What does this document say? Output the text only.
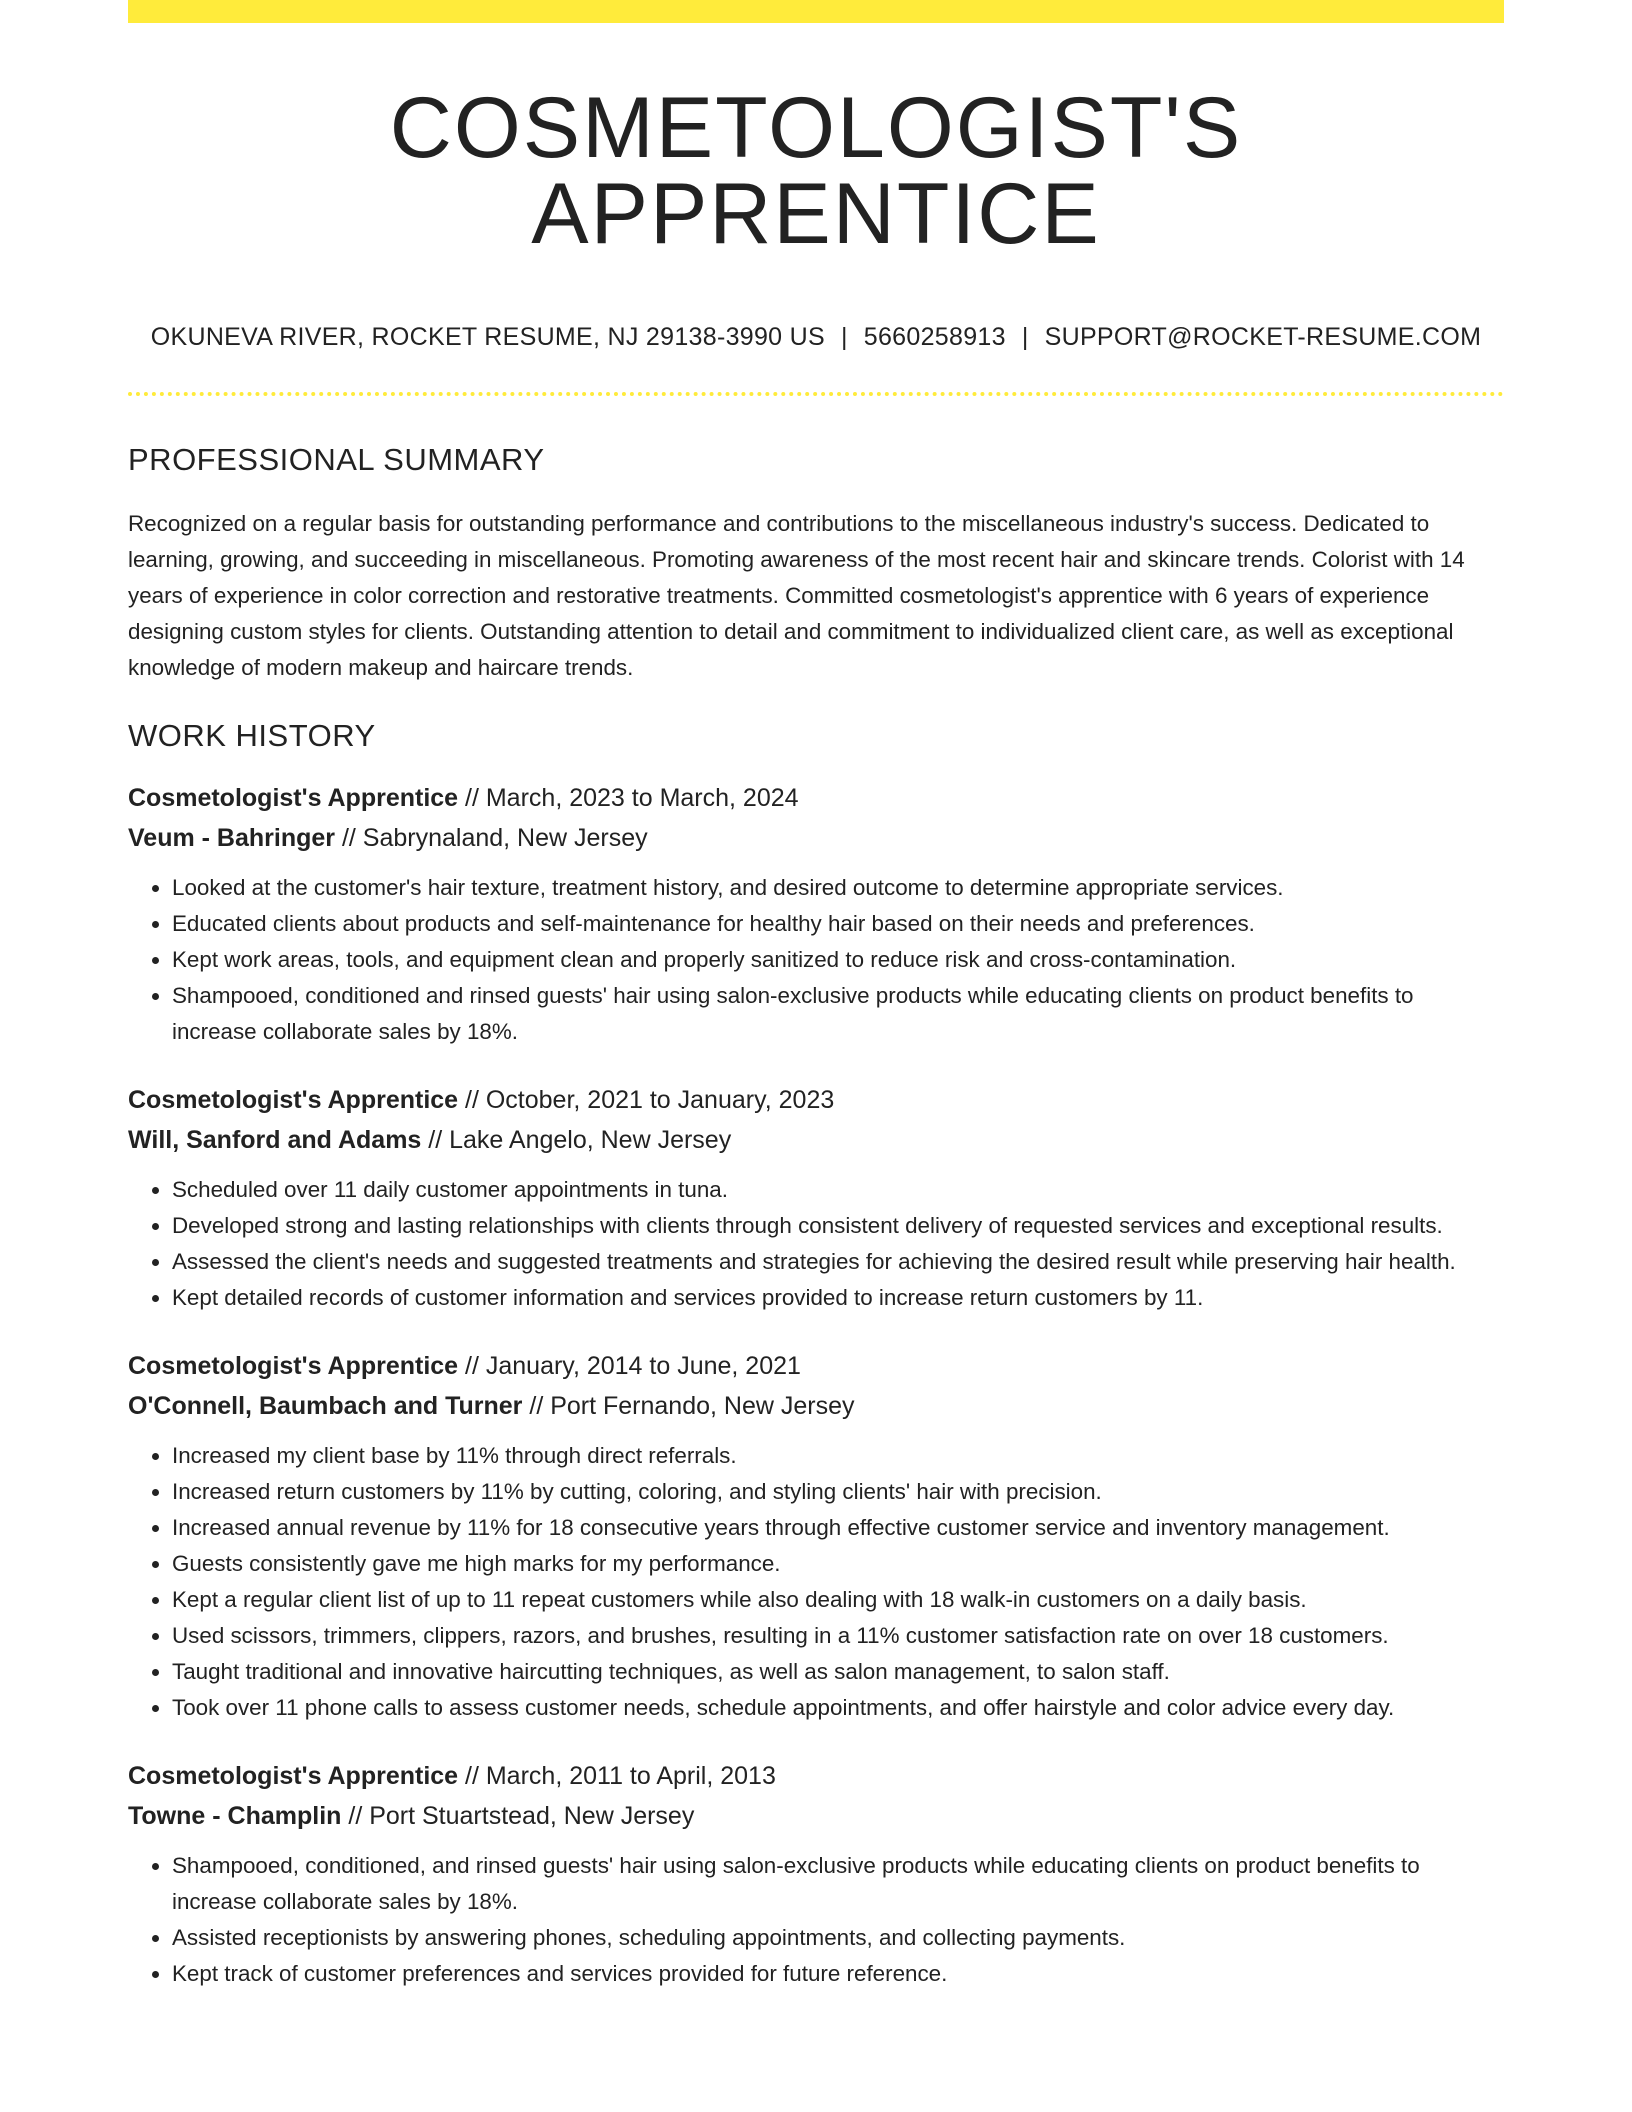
COSMETOLOGIST'S APPRENTICE
OKUNEVA RIVER, ROCKET RESUME, NJ 29138-3990 US | 5660258913 | SUPPORT@ROCKET-RESUME.COM
PROFESSIONAL SUMMARY

Recognized on a regular basis for outstanding performance and contributions to the miscellaneous industry's success. Dedicated to learning, growing, and succeeding in miscellaneous. Promoting awareness of the most recent hair and skincare trends. Colorist with 14 years of experience in color correction and restorative treatments. Committed cosmetologist's apprentice with 6 years of experience designing custom styles for clients. Outstanding attention to detail and commitment to individualized client care, as well as exceptional knowledge of modern makeup and haircare trends.

WORK HISTORY
Cosmetologist's Apprentice // March, 2023 to March, 2024
Veum - Bahringer // Sabrynaland, New Jersey
• Looked at the customer's hair texture, treatment history, and desired outcome to determine appropriate services.
• Educated clients about products and self-maintenance for healthy hair based on their needs and preferences.
• Kept work areas, tools, and equipment clean and properly sanitized to reduce risk and cross-contamination.
• Shampooed, conditioned and rinsed guests' hair using salon-exclusive products while educating clients on product benefits to increase collaborate sales by 18%.
Cosmetologist's Apprentice // October, 2021 to January, 2023
Will, Sanford and Adams // Lake Angelo, New Jersey
• Scheduled over 11 daily customer appointments in tuna.
• Developed strong and lasting relationships with clients through consistent delivery of requested services and exceptional results.
• Assessed the client's needs and suggested treatments and strategies for achieving the desired result while preserving hair health.
• Kept detailed records of customer information and services provided to increase return customers by 11.
Cosmetologist's Apprentice // January, 2014 to June, 2021
O'Connell, Baumbach and Turner // Port Fernando, New Jersey
• Increased my client base by 11% through direct referrals.
• Increased return customers by 11% by cutting, coloring, and styling clients' hair with precision.
• Increased annual revenue by 11% for 18 consecutive years through effective customer service and inventory management.
• Guests consistently gave me high marks for my performance.
• Kept a regular client list of up to 11 repeat customers while also dealing with 18 walk-in customers on a daily basis.
• Used scissors, trimmers, clippers, razors, and brushes, resulting in a 11% customer satisfaction rate on over 18 customers.
• Taught traditional and innovative haircutting techniques, as well as salon management, to salon staff.
• Took over 11 phone calls to assess customer needs, schedule appointments, and offer hairstyle and color advice every day.
Cosmetologist's Apprentice // March, 2011 to April, 2013
Towne - Champlin // Port Stuartstead, New Jersey
• Shampooed, conditioned, and rinsed guests' hair using salon-exclusive products while educating clients on product benefits to increase collaborate sales by 18%.
• Assisted receptionists by answering phones, scheduling appointments, and collecting payments.
• Kept track of customer preferences and services provided for future reference.
